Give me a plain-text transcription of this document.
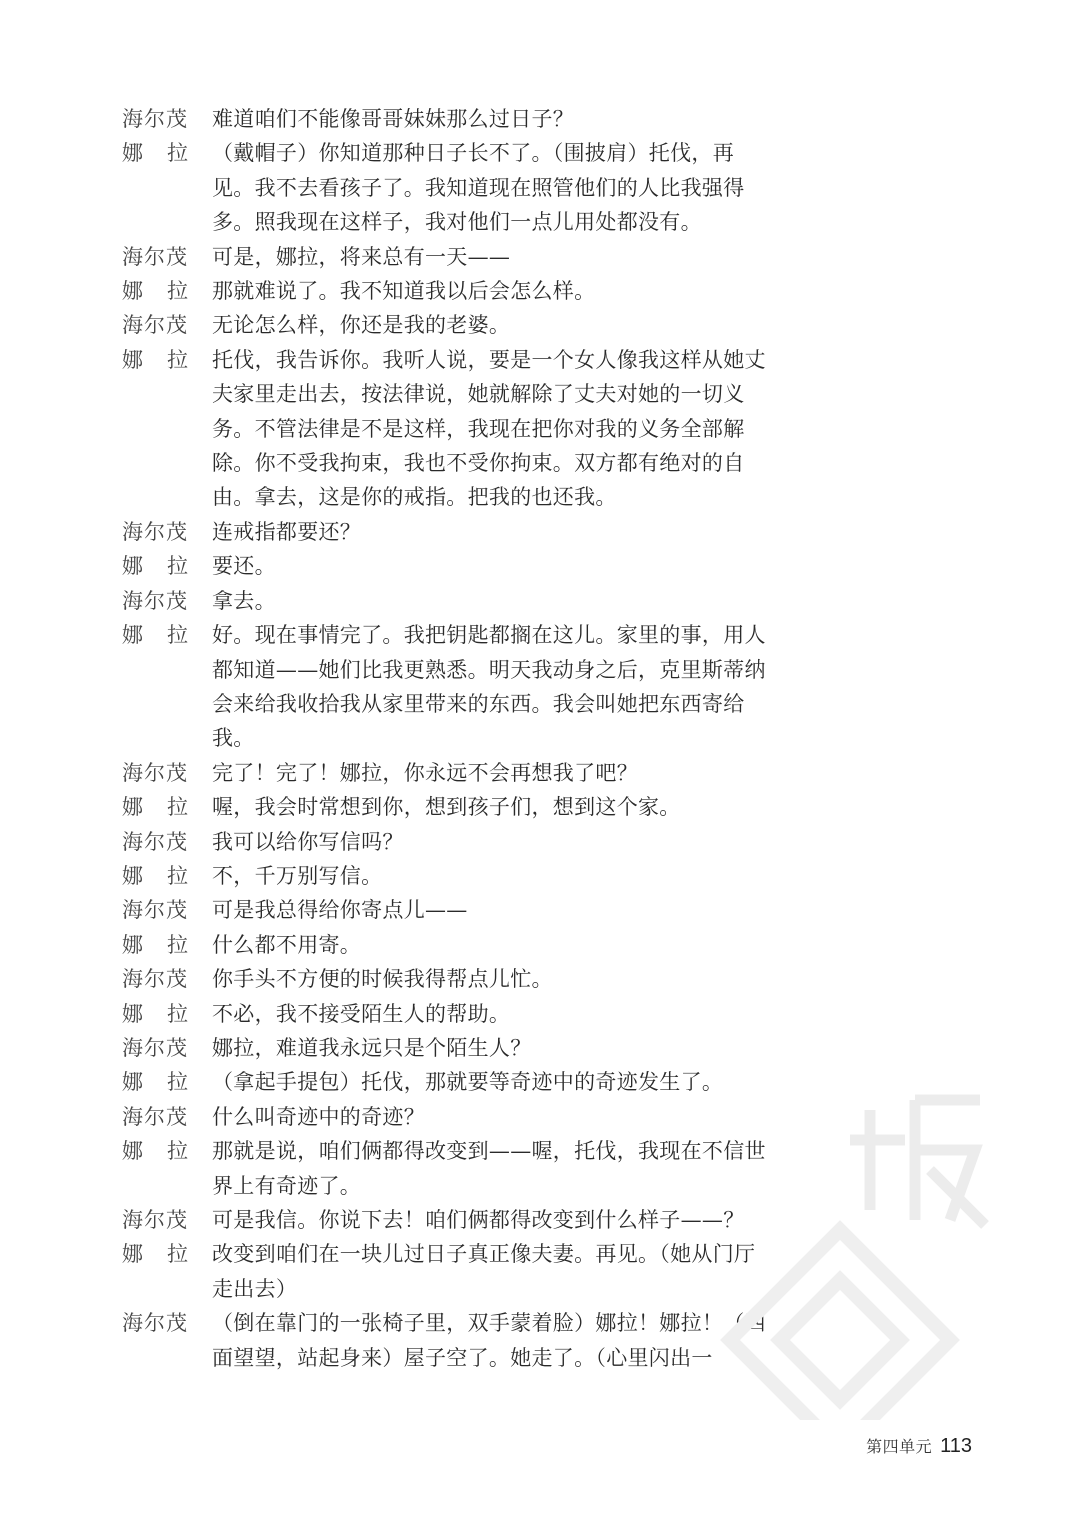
海尔茂 难道咱们不能像哥哥妹妹那么过日子？
娜 拉 （戴帽子）你知道那种日子长不了。（围披肩）托伐，再见。我不去看孩子了。我知道现在照管他们的人比我强得多。照我现在这样子，我对他们一点儿用处都没有。
海尔茂 可是，娜拉，将来总有一天——
娜 拉 那就难说了。我不知道我以后会怎么样。
海尔茂 无论怎么样，你还是我的老婆。
娜 拉 托伐，我告诉你。我听人说，要是一个女人像我这样从她丈夫家里走出去，按法律说，她就解除了丈夫对她的一切义务。不管法律是不是这样，我现在把你对我的义务全部解除。你不受我拘束，我也不受你拘束。双方都有绝对的自由。拿去，这是你的戒指。把我的也还我。
海尔茂 连戒指都要还？
娜 拉 要还。
海尔茂 拿去。
娜 拉 好。现在事情完了。我把钥匙都搁在这儿。家里的事，用人都知道——她们比我更熟悉。明天我动身之后，克里斯蒂纳会来给我收拾我从家里带来的东西。我会叫她把东西寄给我。
海尔茂 完了！完了！娜拉，你永远不会再想我了吧？
娜 拉 喔，我会时常想到你，想到孩子们，想到这个家。
海尔茂 我可以给你写信吗？
娜 拉 不，千万别写信。
海尔茂 可是我总得给你寄点儿——
娜 拉 什么都不用寄。
海尔茂 你手头不方便的时候我得帮点儿忙。
娜 拉 不必，我不接受陌生人的帮助。
海尔茂 娜拉，难道我永远只是个陌生人？
娜 拉 （拿起手提包）托伐，那就要等奇迹中的奇迹发生了。
海尔茂 什么叫奇迹中的奇迹？
娜 拉 那就是说，咱们俩都得改变到——喔，托伐，我现在不信世界上有奇迹了。
海尔茂 可是我信。你说下去！咱们俩都得改变到什么样子——？
娜 拉 改变到咱们在一块儿过日子真正像夫妻。再见。（她从门厅走出去）
海尔茂 （倒在靠门的一张椅子里，双手蒙着脸）娜拉！娜拉！（四面望望，站起身来）屋子空了。她走了。（心里闪出一
第四单元 113
